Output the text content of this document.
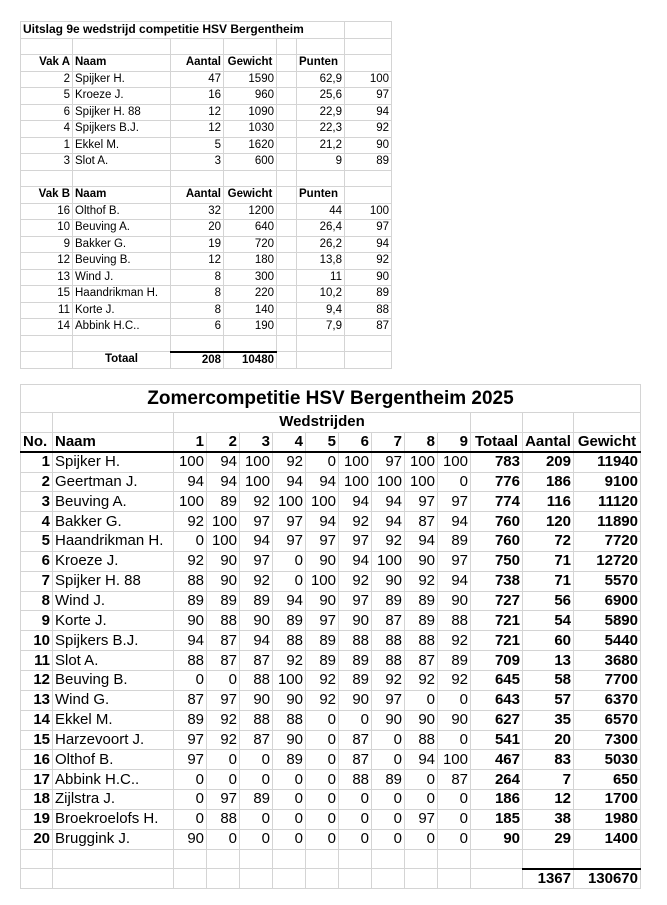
Uitslag 9e wedstrijd competitie HSV Bergentheim						

Vak A	Naam	Aantal	Gewicht		Punten	
2	Spijker H.	47	1590		62,9	100
5	Kroeze J.	16	960		25,6	97
6	Spijker H. 88	12	1090		22,9	94
4	Spijkers B.J.	12	1030		22,3	92
1	Ekkel M.	5	1620		21,2	90
3	Slot A.	3	600		9	89

Vak B	Naam	Aantal	Gewicht		Punten	
16	Olthof B.	32	1200		44	100
10	Beuving A.	20	640		26,4	97
9	Bakker G.	19	720		26,2	94
12	Beuving B.	12	180		13,8	92
13	Wind J.	8	300		11	90
15	Haandrikman H.	8	220		10,2	89
11	Korte J.	8	140		9,4	88
14	Abbink H.C..	6	190		7,9	87

	Totaal	208	10480			
Zomercompetitie HSV Bergentheim 2025													
		Wedstrijden											
No.	Naam	1	2	3	4	5	6	7	8	9	Totaal	Aantal	Gewicht
1	Spijker H.	100	94	100	92	0	100	97	100	100	783	209	11940
2	Geertman J.	94	94	100	94	94	100	100	100	0	776	186	9100
3	Beuving A.	100	89	92	100	100	94	94	97	97	774	116	11120
4	Bakker G.	92	100	97	97	94	92	94	87	94	760	120	11890
5	Haandrikman H.	0	100	94	97	97	97	92	94	89	760	72	7720
6	Kroeze J.	92	90	97	0	90	94	100	90	97	750	71	12720
7	Spijker H. 88	88	90	92	0	100	92	90	92	94	738	71	5570
8	Wind J.	89	89	89	94	90	97	89	89	90	727	56	6900
9	Korte J.	90	88	90	89	97	90	87	89	88	721	54	5890
10	Spijkers B.J.	94	87	94	88	89	88	88	88	92	721	60	5440
11	Slot A.	88	87	87	92	89	89	88	87	89	709	13	3680
12	Beuving B.	0	0	88	100	92	89	92	92	92	645	58	7700
13	Wind G.	87	97	90	90	92	90	97	0	0	643	57	6370
14	Ekkel M.	89	92	88	88	0	0	90	90	90	627	35	6570
15	Harzevoort J.	97	92	87	90	0	87	0	88	0	541	20	7300
16	Olthof B.	97	0	0	89	0	87	0	94	100	467	83	5030
17	Abbink H.C..	0	0	0	0	0	88	89	0	87	264	7	650
18	Zijlstra J.	0	97	89	0	0	0	0	0	0	186	12	1700
19	Broekroelofs H.	0	88	0	0	0	0	0	97	0	185	38	1980
20	Bruggink J.	90	0	0	0	0	0	0	0	0	90	29	1400

												1367	130670
